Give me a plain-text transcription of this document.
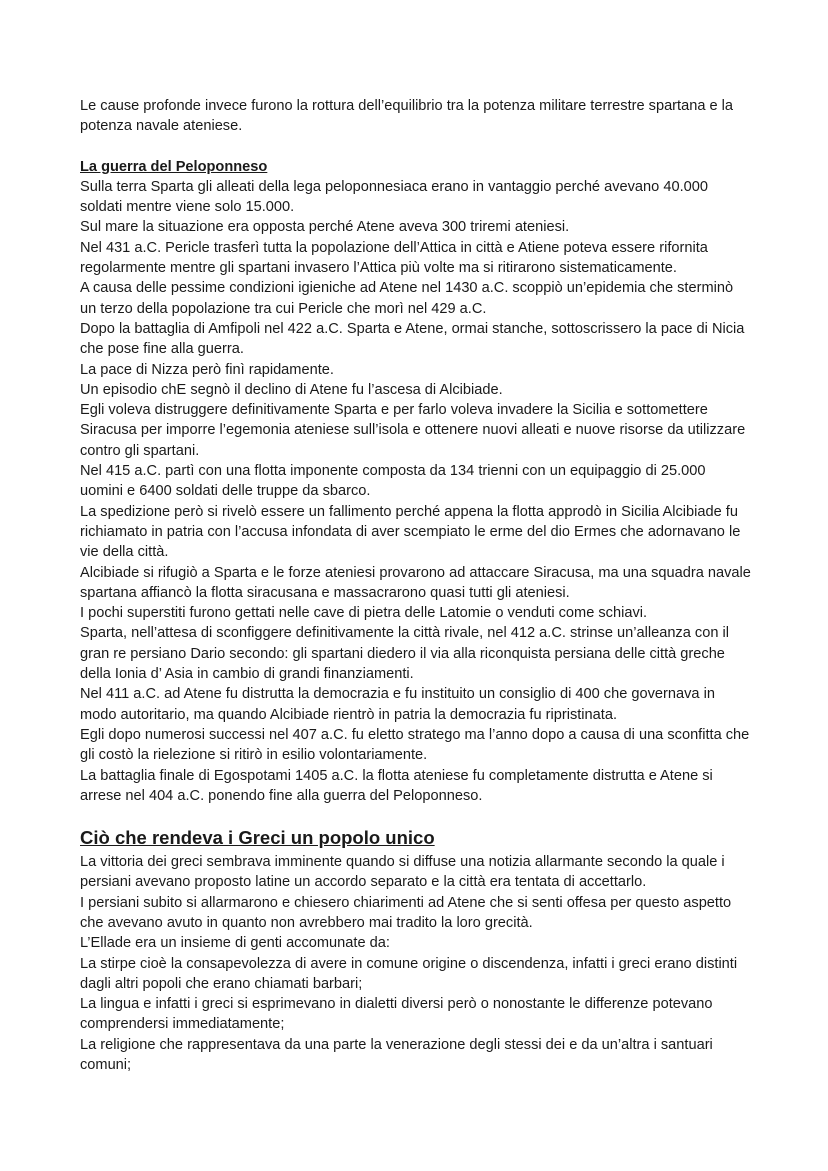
Le cause profonde invece furono la rottura dell’equilibrio tra la potenza militare terrestre spartana e la potenza navale ateniese.

La guerra del Peloponneso

Sulla terra Sparta gli alleati della lega peloponnesiaca erano in vantaggio perché avevano 40.000 soldati mentre viene solo 15.000.

Sul mare la situazione era opposta perché Atene aveva 300 triremi ateniesi.

Nel 431 a.C. Pericle trasferì tutta la popolazione dell’Attica in città e Atiene poteva essere rifornita regolarmente mentre gli spartani invasero l’Attica più volte ma si ritirarono sistematicamente.

A causa delle pessime condizioni igieniche ad Atene nel 1430 a.C. scoppiò un’epidemia che sterminò un terzo della popolazione tra cui Pericle che morì nel 429 a.C.

Dopo la battaglia di Amfipoli nel 422 a.C. Sparta e Atene, ormai stanche, sottoscrissero la pace di Nicia che pose fine alla guerra.

La pace di Nizza però finì rapidamente.

Un episodio chE segnò il declino di Atene fu l’ascesa di Alcibiade.

Egli voleva distruggere definitivamente Sparta e per farlo voleva invadere la Sicilia e sottomettere Siracusa per imporre l’egemonia ateniese sull’isola e ottenere nuovi alleati e nuove risorse da utilizzare contro gli spartani.

Nel 415 a.C. partì con una flotta imponente composta da 134 trienni con un equipaggio di 25.000 uomini e 6400 soldati delle truppe da sbarco.

La spedizione però si rivelò essere un fallimento perché appena la flotta approdò in Sicilia Alcibiade fu richiamato in patria con l’accusa infondata di aver scempiato le erme del dio Ermes che adornavano le vie della città.

Alcibiade si rifugiò a Sparta e le forze ateniesi provarono ad attaccare Siracusa, ma una squadra navale spartana affiancò la flotta siracusana e massacrarono quasi tutti gli ateniesi.

I pochi superstiti furono gettati nelle cave di pietra delle Latomie o venduti come schiavi.

Sparta, nell’attesa di sconfiggere definitivamente la città rivale, nel 412 a.C. strinse un’alleanza con il gran re persiano Dario secondo: gli spartani diedero il via alla riconquista persiana delle città greche della Ionia d’ Asia in cambio di grandi finanziamenti.

Nel 411 a.C. ad Atene fu distrutta la democrazia e fu instituito un consiglio di 400 che governava in modo autoritario, ma quando Alcibiade rientrò in patria la democrazia fu ripristinata.

Egli dopo numerosi successi nel 407 a.C. fu eletto stratego ma l’anno dopo a causa di una sconfitta che gli costò la rielezione si ritirò in esilio volontariamente.

La battaglia finale di Egospotami 1405 a.C. la flotta ateniese fu completamente distrutta e Atene si arrese nel 404 a.C. ponendo fine alla guerra del Peloponneso.

Ciò che rendeva i Greci un popolo unico

La vittoria dei greci sembrava imminente quando si diffuse una notizia allarmante secondo la quale i persiani avevano proposto latine un accordo separato e la città era tentata di accettarlo.

I persiani subito si allarmarono e chiesero chiarimenti ad Atene che si senti offesa per questo aspetto che avevano avuto in quanto non avrebbero mai tradito la loro grecità.

L’Ellade era un insieme di genti accomunate da:

La stirpe cioè la consapevolezza di avere in comune origine o discendenza, infatti i greci erano distinti dagli altri popoli che erano chiamati barbari;

La lingua e infatti i greci si esprimevano in dialetti diversi però o nonostante le differenze potevano comprendersi immediatamente;

La religione che rappresentava da una parte la venerazione degli stessi dei e da un’altra i santuari comuni;
